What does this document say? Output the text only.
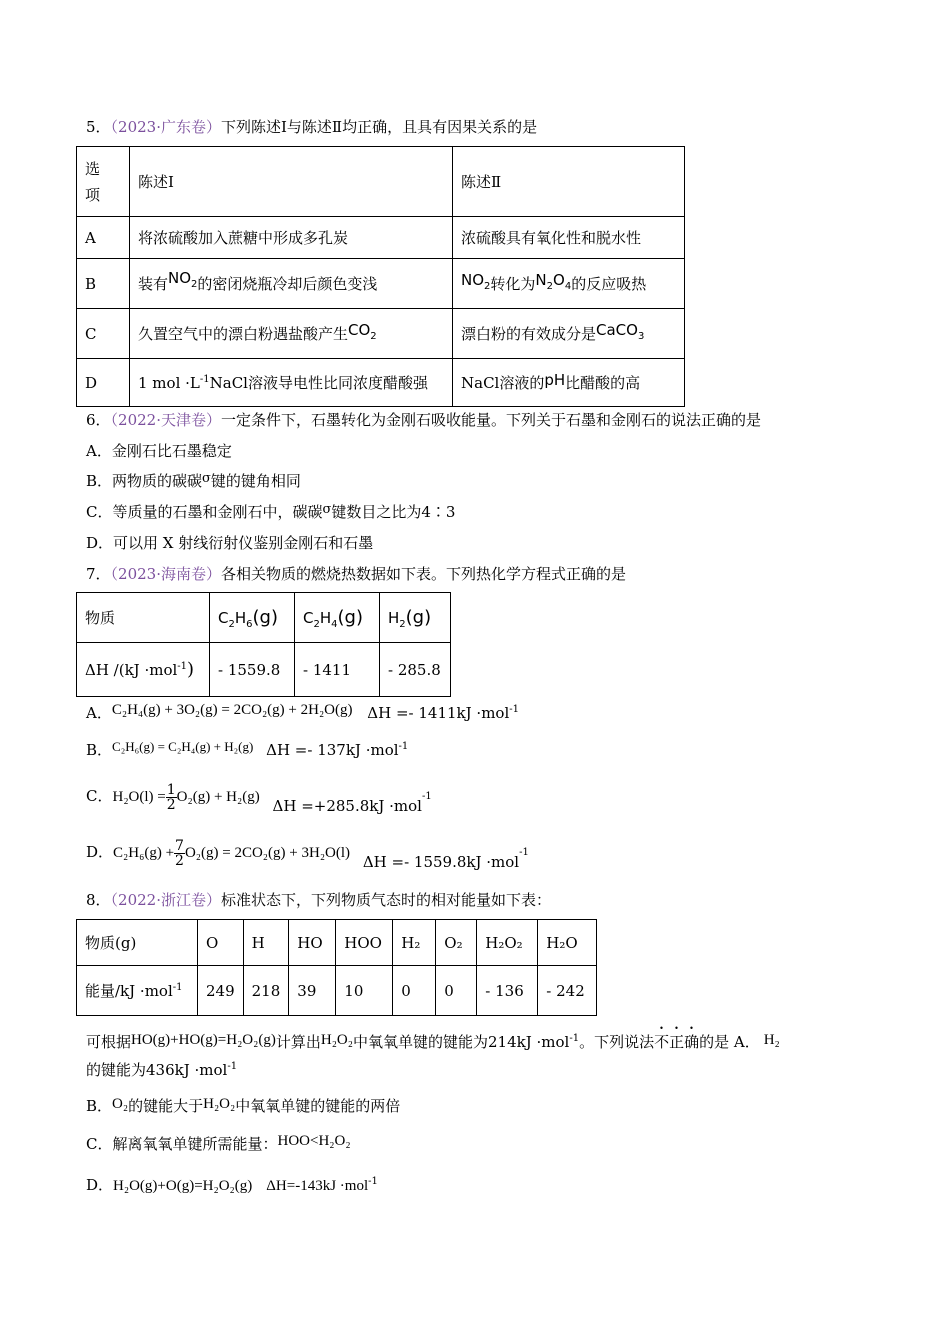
5．（2023·广东卷）下列陈述Ⅰ与陈述Ⅱ均正确，且具有因果关系的是
选
项	陈述Ⅰ	陈述Ⅱ
A	将浓硫酸加入蔗糖中形成多孔炭	浓硫酸具有氧化性和脱水性
B	装有$NO_2$的密闭烧瓶冷却后颜色变浅	$NO_2$转化为$N_2O_4$的反应吸热
C	久置空气中的漂白粉遇盐酸产生$CO_2$	漂白粉的有效成分是CaCO$_3$
D	1 mol $\cdot L^{-1}NaCl$溶液导电性比同浓度醋酸强	NaCl溶液的pH比醋酸的高
6．（2022·天津卷）一定条件下，石墨转化为金刚石吸收能量。下列关于石墨和金刚石的说法正确的是
A．金刚石比石墨稳定
B．两物质的碳碳σ键的键角相同
C．等质量的石墨和金刚石中，碳碳σ键数目之比为4∶3
D．可以用 X 射线衍射仪鉴别金刚石和石墨
7．（2023·海南卷）各相关物质的燃烧热数据如下表。下列热化学方程式正确的是
物质	$C_2H_6(g)$	$C_2H_4(g)$	$H_2(g)$
ΔH /(kJ ·mol$^{-1}$)	- 1559.8	- 1411	- 285.8
A．C₂H₄(g) + 3O₂(g) = 2CO₂(g) + 2H₂O(g) ΔH =- 1411kJ ·mol$^{-1}$
B．C₂H₆(g) = C₂H₄(g) + H₂(g) ΔH =- 137kJ ·mol$^{-1}$
C．$H_2O(l) = \frac{1}{2} O_2(g) + H_2(g)$ ΔH =+285.8kJ ·mol$^{-1}$
D．$C_2H_6(g) + \frac{7}{2} O_2(g) = 2CO_2(g) + 3H_2O(l) \Delta H =- 1559.8kJ \cdot mol^{-1}$
8．（2022·浙江卷）标准状态下，下列物质气态时的相对能量如下表：
物质(g)	O	H	HO	HOO	H₂	O₂	H₂O₂	H₂O
能量/kJ ·mol$^{-1}$	249	218	39	10	0	0	- 136	- 242
可根据HO(g)+HO(g)=H₂O₂(g)计算出H₂O₂中氧氧单键的键能为214kJ ·mol$^{-1}$。下列说法不正确的是 A． H₂
的键能为436kJ ·mol$^{-1}$
B．O₂的键能大于H₂O₂中氧氧单键的键能的两倍
C．解离氧氧单键所需能量：HOO<H₂O₂
D．H₂O(g)+O(g)=H₂O₂(g) ΔH=-143kJ ·mol$^{-1}$
